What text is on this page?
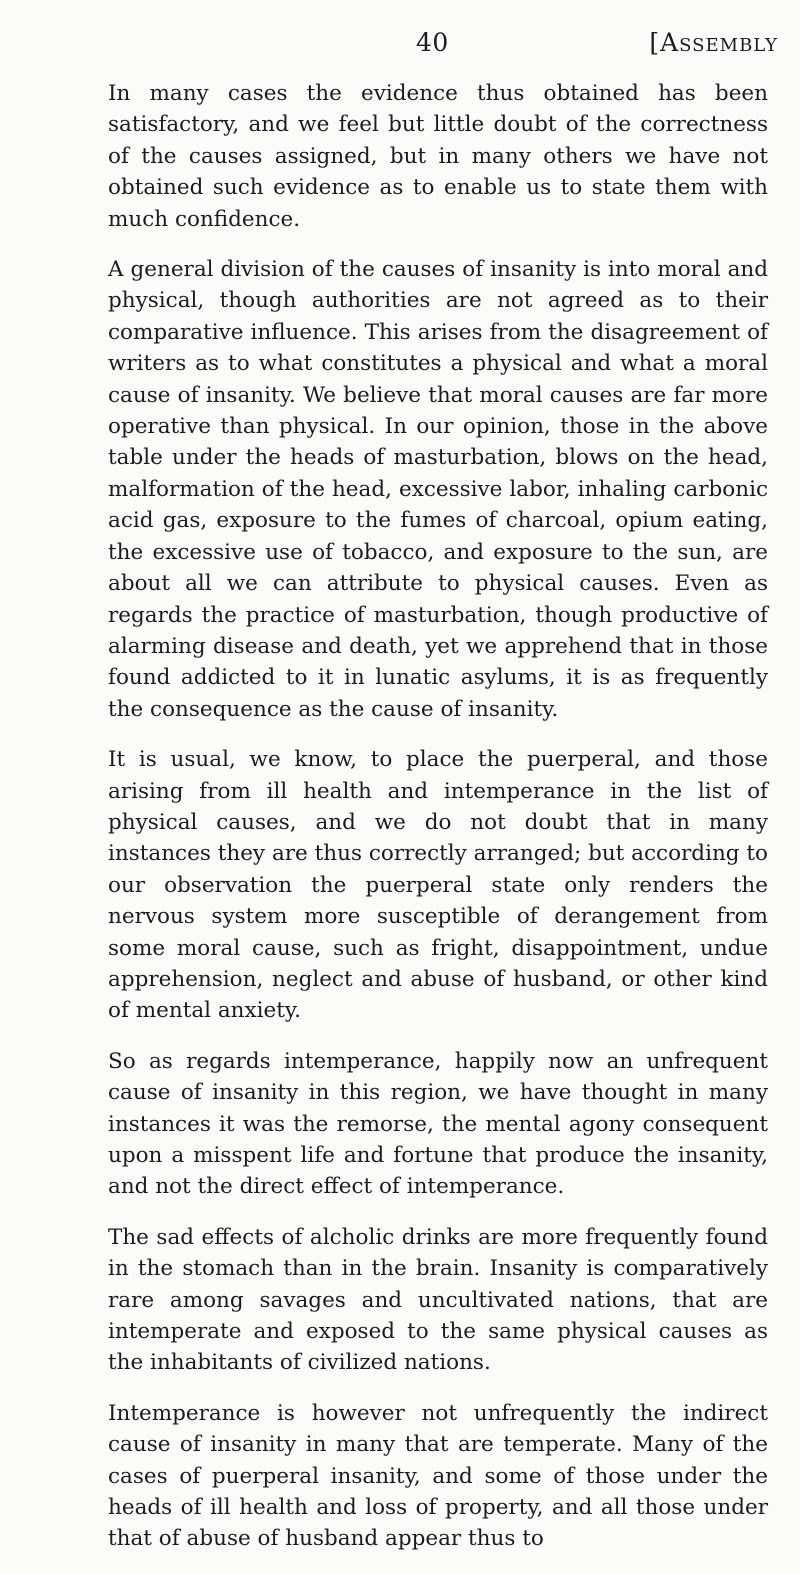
40	[Assembly

In many cases the evidence thus obtained has been satisfactory, and we feel but little doubt of the correctness of the causes assigned, but in many others we have not obtained such evidence as to enable us to state them with much confidence.

A general division of the causes of insanity is into moral and physical, though authorities are not agreed as to their comparative influence. This arises from the disagreement of writers as to what constitutes a physical and what a moral cause of insanity. We believe that moral causes are far more operative than physical. In our opinion, those in the above table under the heads of masturbation, blows on the head, malformation of the head, excessive labor, inhaling carbonic acid gas, exposure to the fumes of charcoal, opium eating, the excessive use of tobacco, and exposure to the sun, are about all we can attribute to physical causes. Even as regards the practice of masturbation, though productive of alarming disease and death, yet we apprehend that in those found addicted to it in lunatic asylums, it is as frequently the consequence as the cause of insanity.

It is usual, we know, to place the puerperal, and those arising from ill health and intemperance in the list of physical causes, and we do not doubt that in many instances they are thus correctly arranged; but according to our observation the puerperal state only renders the nervous system more susceptible of derangement from some moral cause, such as fright, disappointment, undue apprehension, neglect and abuse of husband, or other kind of mental anxiety.

So as regards intemperance, happily now an unfrequent cause of insanity in this region, we have thought in many instances it was the remorse, the mental agony consequent upon a misspent life and fortune that produce the insanity, and not the direct effect of intemperance.

The sad effects of alcholic drinks are more frequently found in the stomach than in the brain. Insanity is comparatively rare among savages and uncultivated nations, that are intemperate and exposed to the same physical causes as the inhabitants of civilized nations.

Intemperance is however not unfrequently the indirect cause of insanity in many that are temperate. Many of the cases of puerperal insanity, and some of those under the heads of ill health and loss of property, and all those under that of abuse of husband appear thus to
